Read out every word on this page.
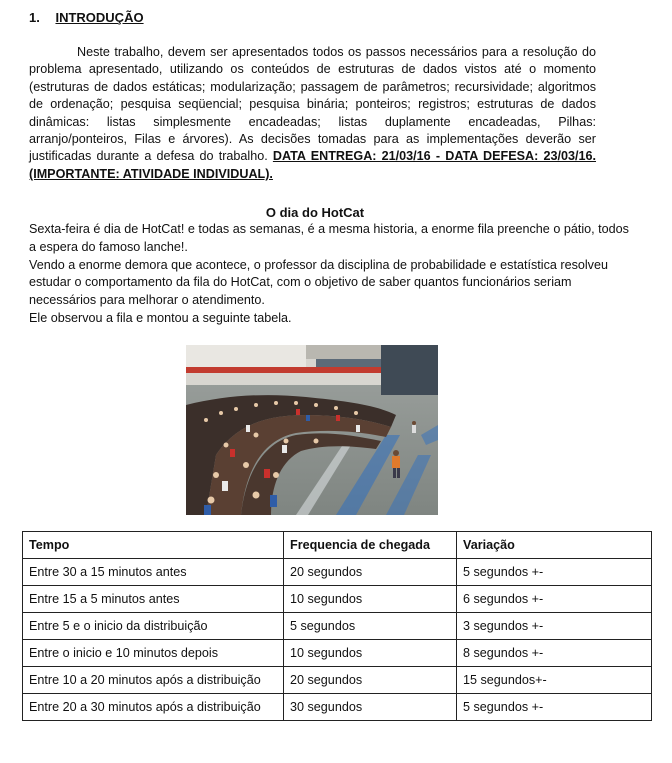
1. INTRODUÇÃO

Neste trabalho, devem ser apresentados todos os passos necessários para a resolução do problema apresentado, utilizando os conteúdos de estruturas de dados vistos até o momento (estruturas de dados estáticas; modularização; passagem de parâmetros; recursividade; algoritmos de ordenação; pesquisa seqüencial; pesquisa binária; ponteiros; registros; estruturas de dados dinâmicas: listas simplesmente encadeadas; listas duplamente encadeadas, Pilhas: arranjo/ponteiros, Filas e árvores). As decisões tomadas para as implementações deverão ser justificadas durante a defesa do trabalho. DATA ENTREGA: 21/03/16 - DATA DEFESA: 23/03/16. (IMPORTANTE: ATIVIDADE INDIVIDUAL).

O dia do HotCat

Sexta-feira é dia de HotCat! e todas as semanas, é a mesma historia, a enorme fila preenche o pátio, todos a espera do famoso lanche!.

Vendo a enorme demora que acontece, o professor da disciplina de probabilidade e estatística resolveu estudar o comportamento da fila do HotCat, com o objetivo de saber quantos funcionários seriam necessários para melhorar o atendimento.

Ele observou a fila e montou a seguinte tabela.

Tempo	Frequencia de chegada	Variação
Entre 30 a 15 minutos antes	20 segundos	5 segundos +-
Entre 15 a 5 minutos antes	10 segundos	6 segundos +-
Entre 5 e o inicio da distribuição	5 segundos	3 segundos +-
Entre o inicio e 10 minutos depois	10 segundos	8 segundos +-
Entre 10 a 20 minutos após a distribuição	20 segundos	15 segundos+-
Entre 20 a 30 minutos após a distribuição	30 segundos	5 segundos +-
